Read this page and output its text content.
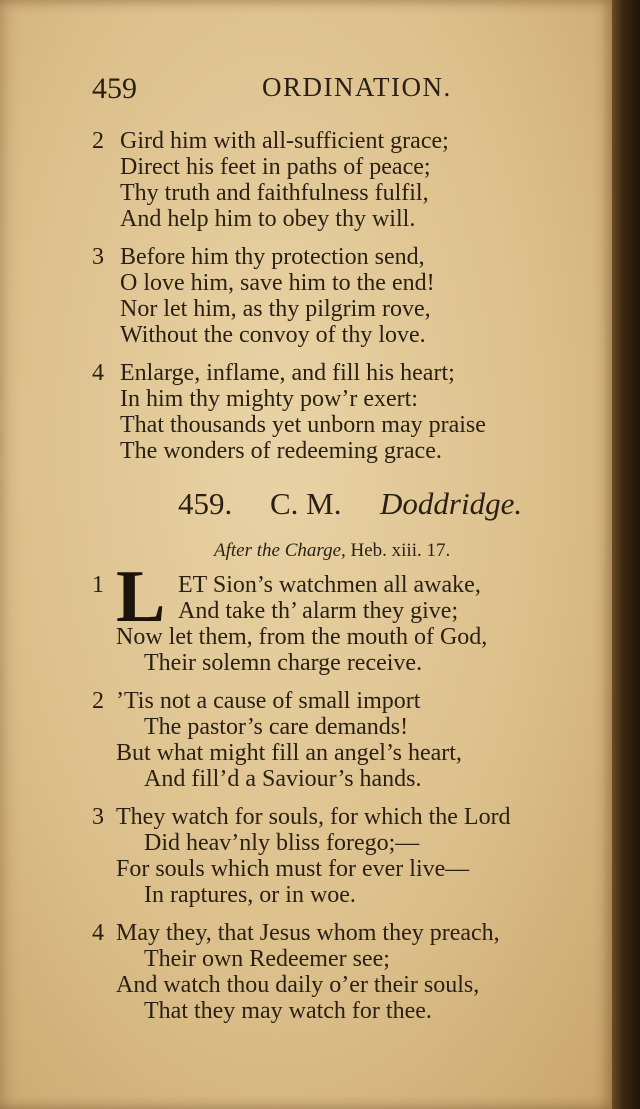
459	ORDINATION.
2 Gird him with all-sufficient grace;
Direct his feet in paths of peace;
Thy truth and faithfulness fulfil,
And help him to obey thy will.
3 Before him thy protection send,
O love him, save him to the end!
Nor let him, as thy pilgrim rove,
Without the convoy of thy love.
4 Enlarge, inflame, and fill his heart;
In him thy mighty pow’r exert:
That thousands yet unborn may praise
The wonders of redeeming grace.
459. C. M. Doddridge.
After the Charge, Heb. xiii. 17.
L
1	ET Sion’s watchmen all awake,
And take th’ alarm they give;
Now let them, from the mouth of God,
Their solemn charge receive.
2 ’Tis not a cause of small import
The pastor’s care demands!
But what might fill an angel’s heart,
And fill’d a Saviour’s hands.
3 They watch for souls, for which the Lord
Did heav’nly bliss forego;—
For souls which must for ever live—
In raptures, or in woe.
4 May they, that Jesus whom they preach,
Their own Redeemer see;
And watch thou daily o’er their souls,
That they may watch for thee.
